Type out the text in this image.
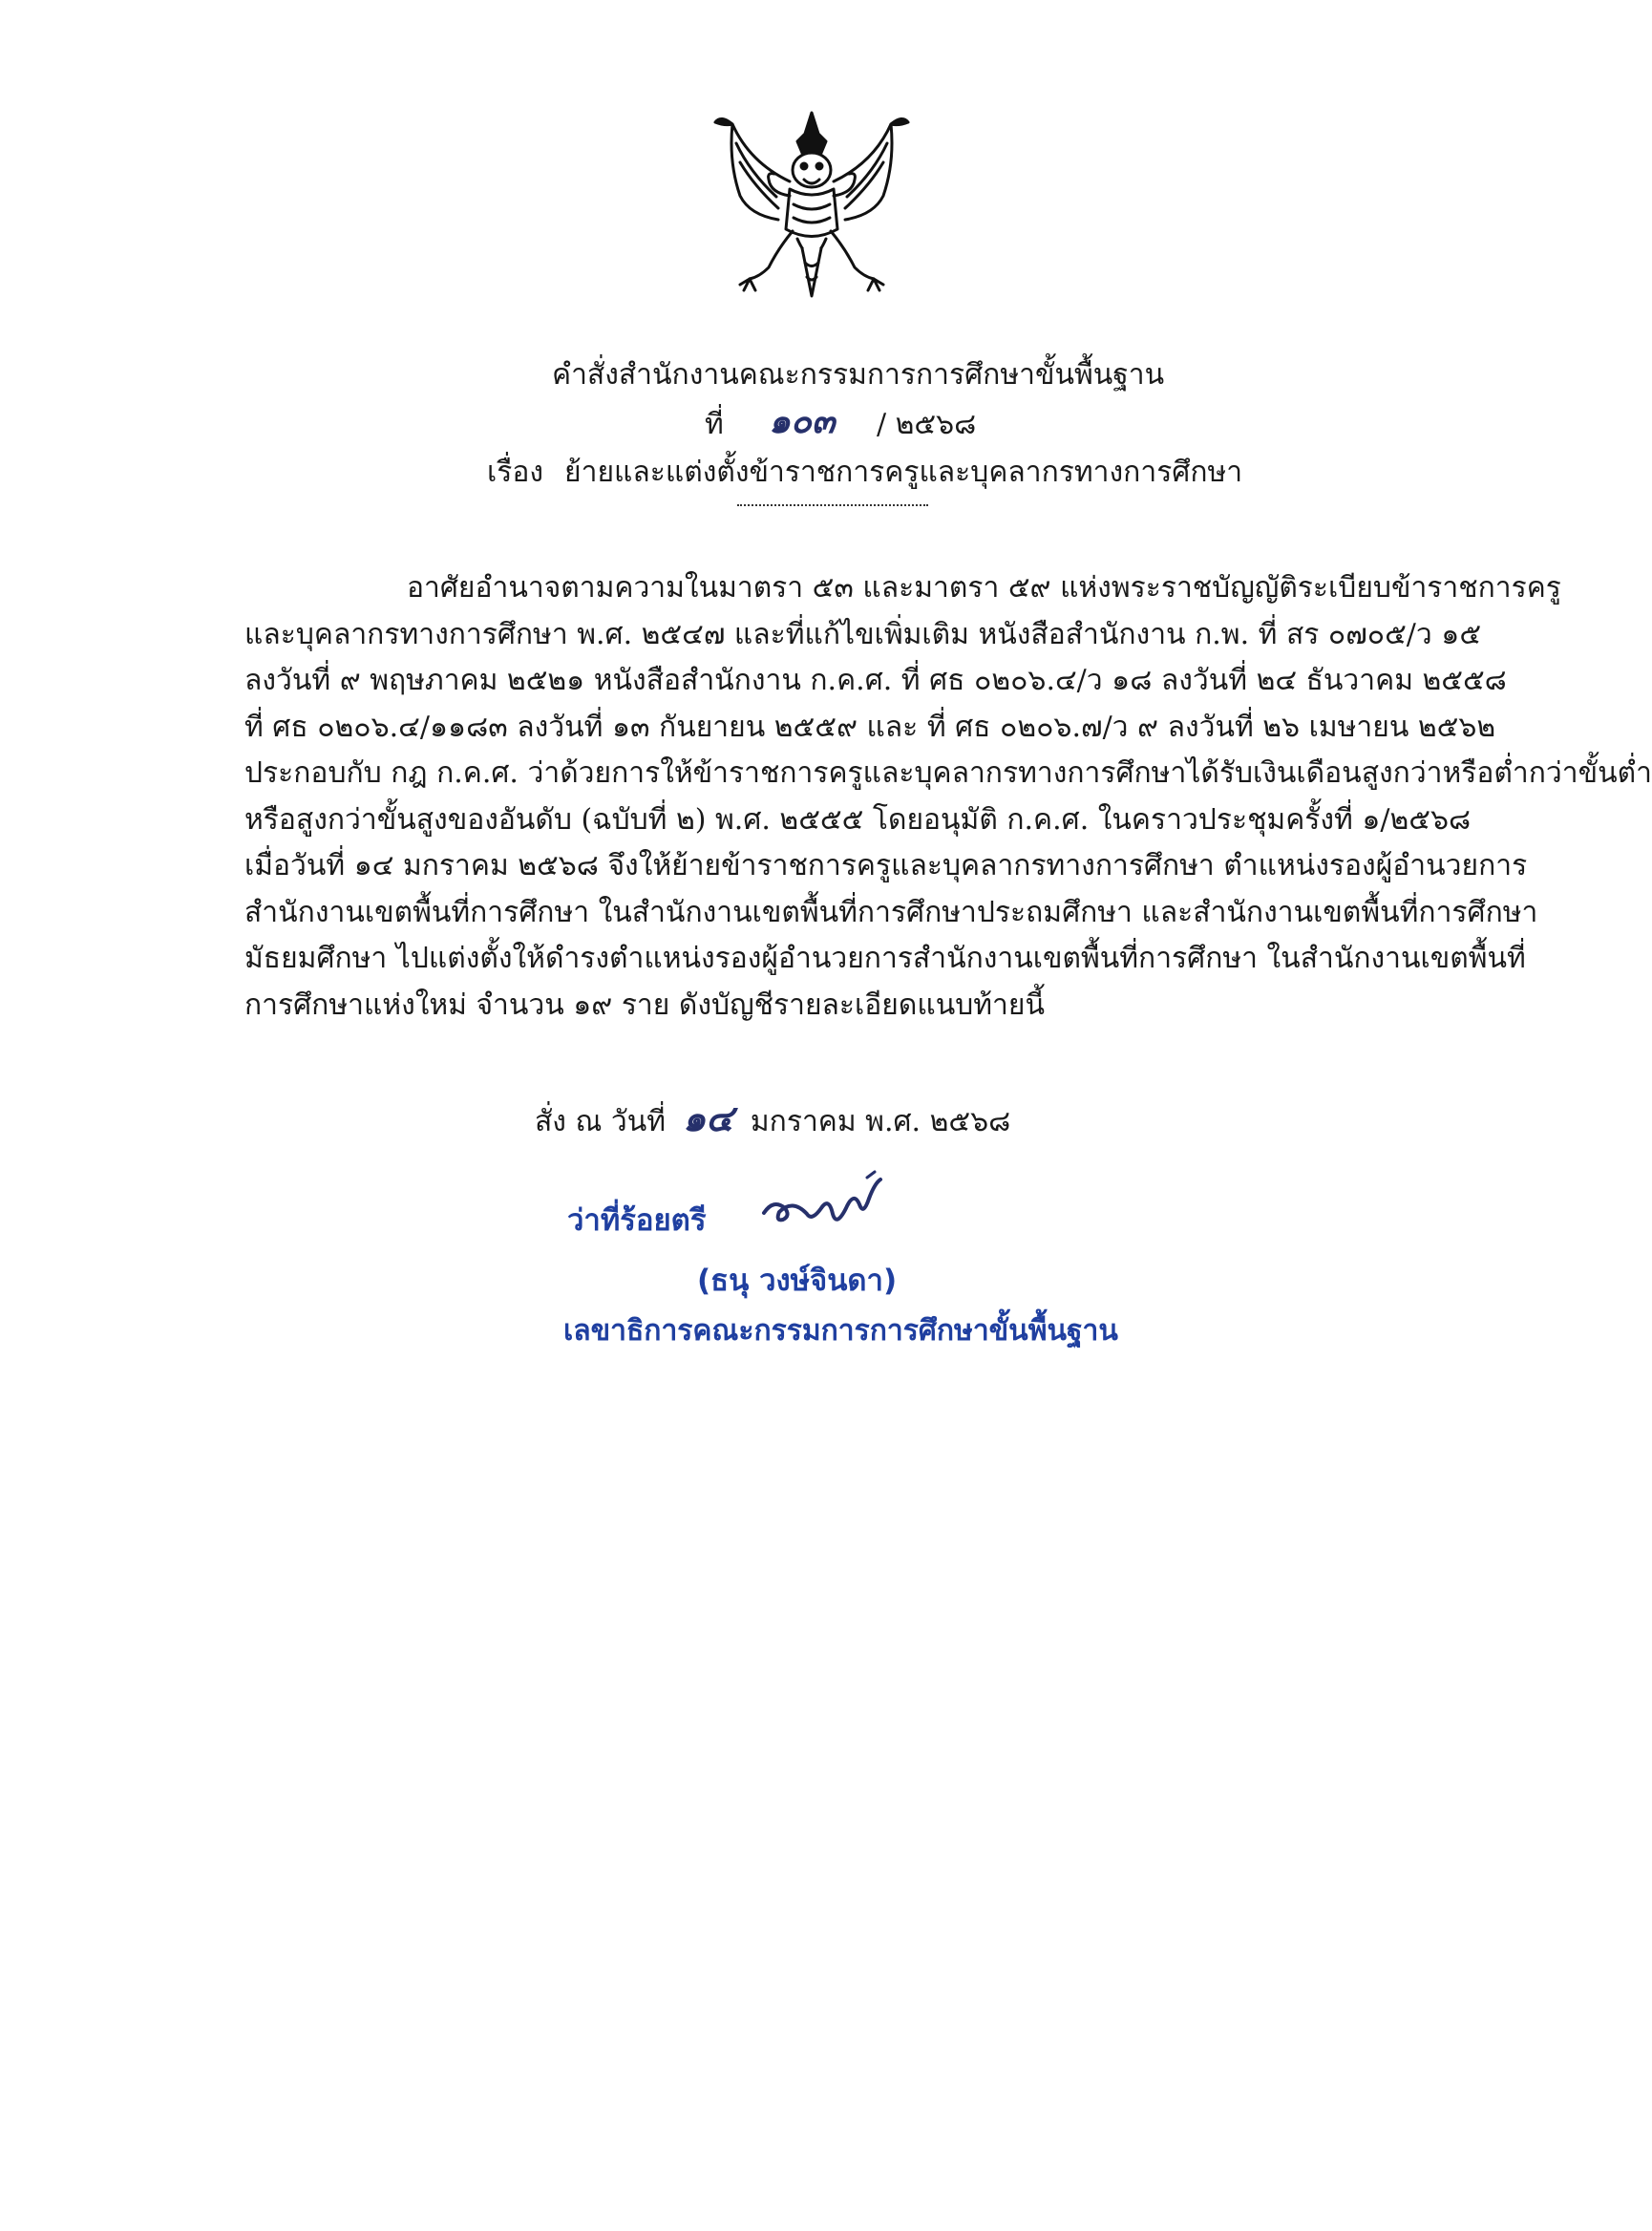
คำสั่งสำนักงานคณะกรรมการการศึกษาขั้นพื้นฐาน
ที่ ๑๐๓ / ๒๕๖๘
เรื่อง ย้ายและแต่งตั้งข้าราชการครูและบุคลากรทางการศึกษา
อาศัยอำนาจตามความในมาตรา ๕๓ และมาตรา ๕๙ แห่งพระราชบัญญัติระเบียบข้าราชการครู
และบุคลากรทางการศึกษา พ.ศ. ๒๕๔๗ และที่แก้ไขเพิ่มเติม หนังสือสำนักงาน ก.พ. ที่ สร ๐๗๐๕/ว ๑๕
ลงวันที่ ๙ พฤษภาคม ๒๕๒๑ หนังสือสำนักงาน ก.ค.ศ. ที่ ศธ ๐๒๐๖.๔/ว ๑๘ ลงวันที่ ๒๔ ธันวาคม ๒๕๕๘
ที่ ศธ ๐๒๐๖.๔/๑๑๘๓ ลงวันที่ ๑๓ กันยายน ๒๕๕๙ และ ที่ ศธ ๐๒๐๖.๗/ว ๙ ลงวันที่ ๒๖ เมษายน ๒๕๖๒
ประกอบกับ กฎ ก.ค.ศ. ว่าด้วยการให้ข้าราชการครูและบุคลากรทางการศึกษาได้รับเงินเดือนสูงกว่าหรือต่ำกว่าขั้นต่ำ
หรือสูงกว่าขั้นสูงของอันดับ (ฉบับที่ ๒) พ.ศ. ๒๕๕๕ โดยอนุมัติ ก.ค.ศ. ในคราวประชุมครั้งที่ ๑/๒๕๖๘
เมื่อวันที่ ๑๔ มกราคม ๒๕๖๘ จึงให้ย้ายข้าราชการครูและบุคลากรทางการศึกษา ตำแหน่งรองผู้อำนวยการ
สำนักงานเขตพื้นที่การศึกษา ในสำนักงานเขตพื้นที่การศึกษาประถมศึกษา และสำนักงานเขตพื้นที่การศึกษา
มัธยมศึกษา ไปแต่งตั้งให้ดำรงตำแหน่งรองผู้อำนวยการสำนักงานเขตพื้นที่การศึกษา ในสำนักงานเขตพื้นที่
การศึกษาแห่งใหม่ จำนวน ๑๙ ราย ดังบัญชีรายละเอียดแนบท้ายนี้
สั่ง ณ วันที่ ๑๔ มกราคม พ.ศ. ๒๕๖๘
ว่าที่ร้อยตรี
(ธนุ วงษ์จินดา)
เลขาธิการคณะกรรมการการศึกษาขั้นพื้นฐาน
